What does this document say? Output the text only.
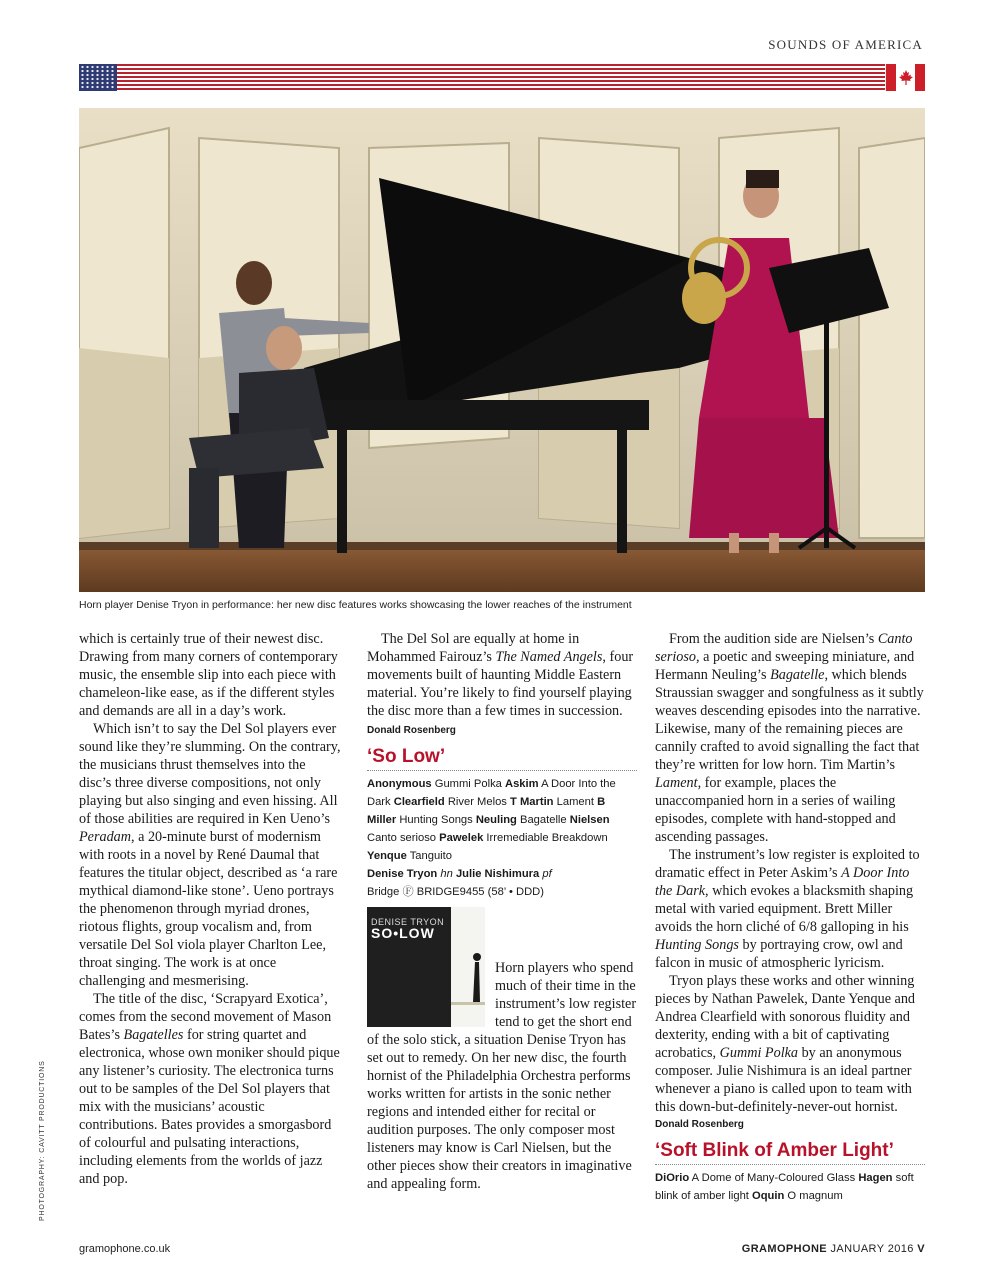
SOUNDS OF AMERICA
Horn player Denise Tryon in performance: her new disc features works showcasing the lower reaches of the instrument
PHOTOGRAPHY: CAVITT PRODUCTIONS

which is certainly true of their newest disc. Drawing from many corners of contemporary music, the ensemble slip into each piece with chameleon-like ease, as if the different styles and demands are all in a day’s work.

Which isn’t to say the Del Sol players ever sound like they’re slumming. On the contrary, the musicians thrust themselves into the disc’s three diverse compositions, not only playing but also singing and even hissing. All of those abilities are required in Ken Ueno’s Peradam, a 20-minute burst of modernism with roots in a novel by René Daumal that features the titular object, described as ‘a rare mythical diamond-like stone’. Ueno portrays the phenomenon through myriad drones, riotous flights, group vocalism and, from versatile Del Sol viola player Charlton Lee, throat singing. The work is at once challenging and mesmerising.

The title of the disc, ‘Scrapyard Exotica’, comes from the second movement of Mason Bates’s Bagatelles for string quartet and electronica, whose own moniker should pique any listener’s curiosity. The electronica turns out to be samples of the Del Sol players that mix with the musicians’ acoustic contributions. Bates provides a smorgasbord of colourful and pulsating interactions, including elements from the worlds of jazz and pop.

The Del Sol are equally at home in Mohammed Fairouz’s The Named Angels, four movements built of haunting Middle Eastern material. You’re likely to find yourself playing the disc more than a few times in succession. Donald Rosenberg

‘So Low’
Anonymous Gummi Polka Askim A Door Into the Dark Clearfield River Melos T Martin Lament B Miller Hunting Songs Neuling Bagatelle Nielsen Canto serioso Pawelek Irremediable Breakdown Yenque Tanguito
Denise Tryon hn Julie Nishimura pf
Bridge Ⓕ BRIDGE9455 (58’ • DDD)
DENISE TRYON
SO•LOW

Horn players who spend much of their time in the instrument’s low register tend to get the short end of the solo stick, a situation Denise Tryon has set out to remedy. On her new disc, the fourth hornist of the Philadelphia Orchestra performs works written for artists in the sonic nether regions and intended either for recital or audition purposes. The only composer most listeners may know is Carl Nielsen, but the other pieces show their creators in imaginative and appealing form.

From the audition side are Nielsen’s Canto serioso, a poetic and sweeping miniature, and Hermann Neuling’s Bagatelle, which blends Straussian swagger and songfulness as it subtly weaves descending episodes into the narrative. Likewise, many of the remaining pieces are cannily crafted to avoid signalling the fact that they’re written for low horn. Tim Martin’s Lament, for example, places the unaccompanied horn in a series of wailing episodes, complete with hand-stopped and ascending passages.

The instrument’s low register is exploited to dramatic effect in Peter Askim’s A Door Into the Dark, which evokes a blacksmith shaping metal with varied equipment. Brett Miller avoids the horn cliché of 6/8 galloping in his Hunting Songs by portraying crow, owl and falcon in music of atmospheric lyricism.

Tryon plays these works and other winning pieces by Nathan Pawelek, Dante Yenque and Andrea Clearfield with sonorous fluidity and dexterity, ending with a bit of captivating acrobatics, Gummi Polka by an anonymous composer. Julie Nishimura is an ideal partner whenever a piano is called upon to team with this down-but-definitely-never-out hornist.

Donald Rosenberg
‘Soft Blink of Amber Light’
DiOrio A Dome of Many-Coloured Glass Hagen soft blink of amber light Oquin O magnum
gramophone.co.uk	GRAMOPHONE JANUARY 2016 V
